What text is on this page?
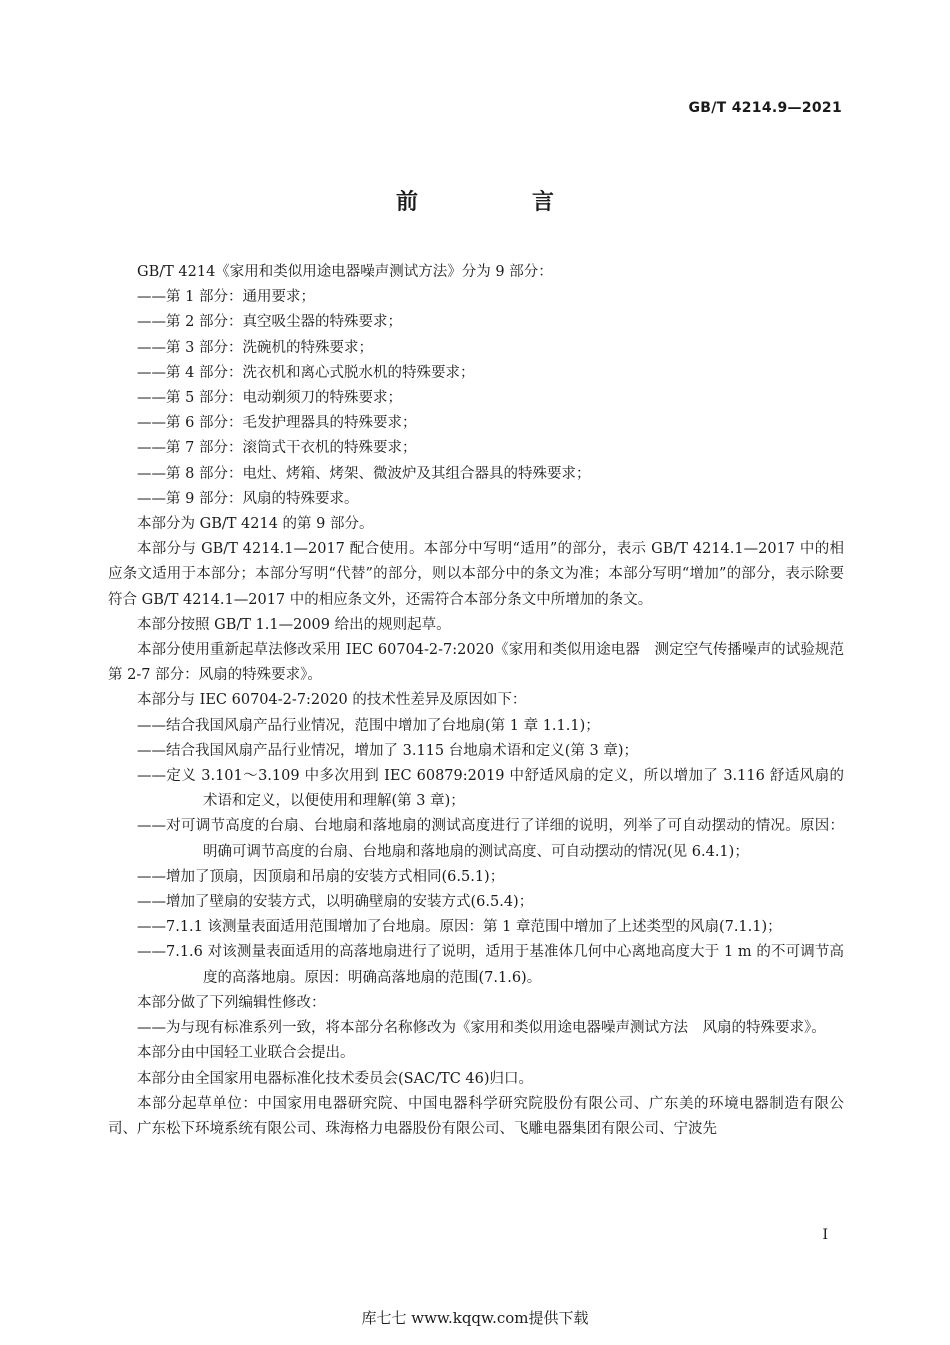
GB/T 4214.9—2021
前　言
GB/T 4214《家用和类似用途电器噪声测试方法》分为 9 部分：
——第 1 部分：通用要求；
——第 2 部分：真空吸尘器的特殊要求；
——第 3 部分：洗碗机的特殊要求；
——第 4 部分：洗衣机和离心式脱水机的特殊要求；
——第 5 部分：电动剃须刀的特殊要求；
——第 6 部分：毛发护理器具的特殊要求；
——第 7 部分：滚筒式干衣机的特殊要求；
——第 8 部分：电灶、烤箱、烤架、微波炉及其组合器具的特殊要求；
——第 9 部分：风扇的特殊要求。
本部分为 GB/T 4214 的第 9 部分。
本部分与 GB/T 4214.1—2017 配合使用。本部分中写明“适用”的部分，表示 GB/T 4214.1—2017 中的相应条文适用于本部分；本部分写明“代替”的部分，则以本部分中的条文为准；本部分写明“增加”的部分，表示除要符合 GB/T 4214.1—2017 中的相应条文外，还需符合本部分条文中所增加的条文。
本部分按照 GB/T 1.1—2009 给出的规则起草。
本部分使用重新起草法修改采用 IEC 60704-2-7:2020《家用和类似用途电器　测定空气传播噪声的试验规范　第 2-7 部分：风扇的特殊要求》。
本部分与 IEC 60704-2-7:2020 的技术性差异及原因如下：
——结合我国风扇产品行业情况，范围中增加了台地扇(第 1 章 1.1.1)；
——结合我国风扇产品行业情况，增加了 3.115 台地扇术语和定义(第 3 章)；
——定义 3.101～3.109 中多次用到 IEC 60879:2019 中舒适风扇的定义，所以增加了 3.116 舒适风扇的术语和定义，以便使用和理解(第 3 章)；
——对可调节高度的台扇、台地扇和落地扇的测试高度进行了详细的说明，列举了可自动摆动的情况。原因：明确可调节高度的台扇、台地扇和落地扇的测试高度、可自动摆动的情况(见 6.4.1)；
——增加了顶扇，因顶扇和吊扇的安装方式相同(6.5.1)；
——增加了壁扇的安装方式，以明确壁扇的安装方式(6.5.4)；
——7.1.1 该测量表面适用范围增加了台地扇。原因：第 1 章范围中增加了上述类型的风扇(7.1.1)；
——7.1.6 对该测量表面适用的高落地扇进行了说明，适用于基准体几何中心离地高度大于 1 m 的不可调节高度的高落地扇。原因：明确高落地扇的范围(7.1.6)。
本部分做了下列编辑性修改：
——为与现有标准系列一致，将本部分名称修改为《家用和类似用途电器噪声测试方法　风扇的特殊要求》。
本部分由中国轻工业联合会提出。
本部分由全国家用电器标准化技术委员会(SAC/TC 46)归口。
本部分起草单位：中国家用电器研究院、中国电器科学研究院股份有限公司、广东美的环境电器制造有限公司、广东松下环境系统有限公司、珠海格力电器股份有限公司、飞雕电器集团有限公司、宁波先
I
库七七 www.kqqw.com提供下载
